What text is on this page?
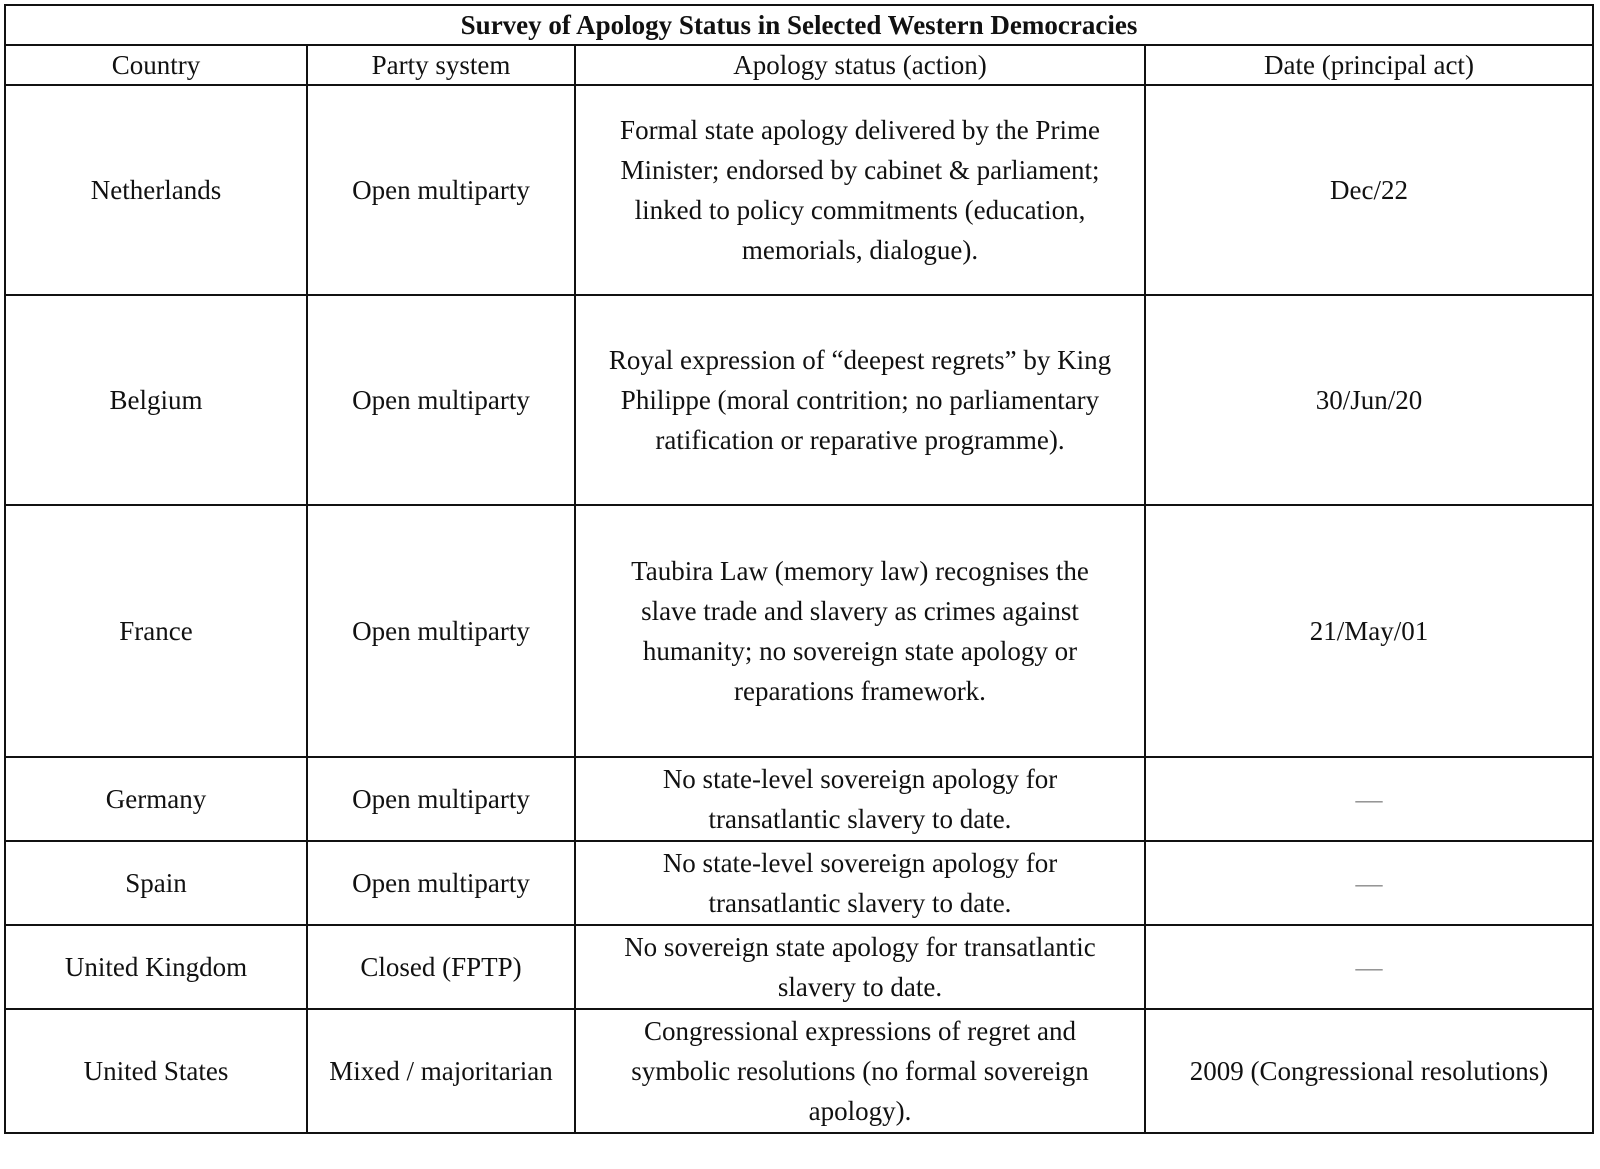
Survey of Apology Status in Selected Western Democracies			
Country	Party system	Apology status (action)	Date (principal act)
Netherlands	Open multiparty	Formal state apology delivered by the Prime Minister; endorsed by cabinet & parliament; linked to policy commitments (education, memorials, dialogue).	Dec/22
Belgium	Open multiparty	Royal expression of “deepest regrets” by King Philippe (moral contrition; no parliamentary ratification or reparative programme).	30/Jun/20
France	Open multiparty	Taubira Law (memory law) recognises the slave trade and slavery as crimes against humanity; no sovereign state apology or reparations framework.	21/May/01
Germany	Open multiparty	No state-level sovereign apology for transatlantic slavery to date.	—
Spain	Open multiparty	No state-level sovereign apology for transatlantic slavery to date.	—
United Kingdom	Closed (FPTP)	No sovereign state apology for transatlantic slavery to date.	—
United States	Mixed / majoritarian	Congressional expressions of regret and symbolic resolutions (no formal sovereign apology).	2009 (Congressional resolutions)
